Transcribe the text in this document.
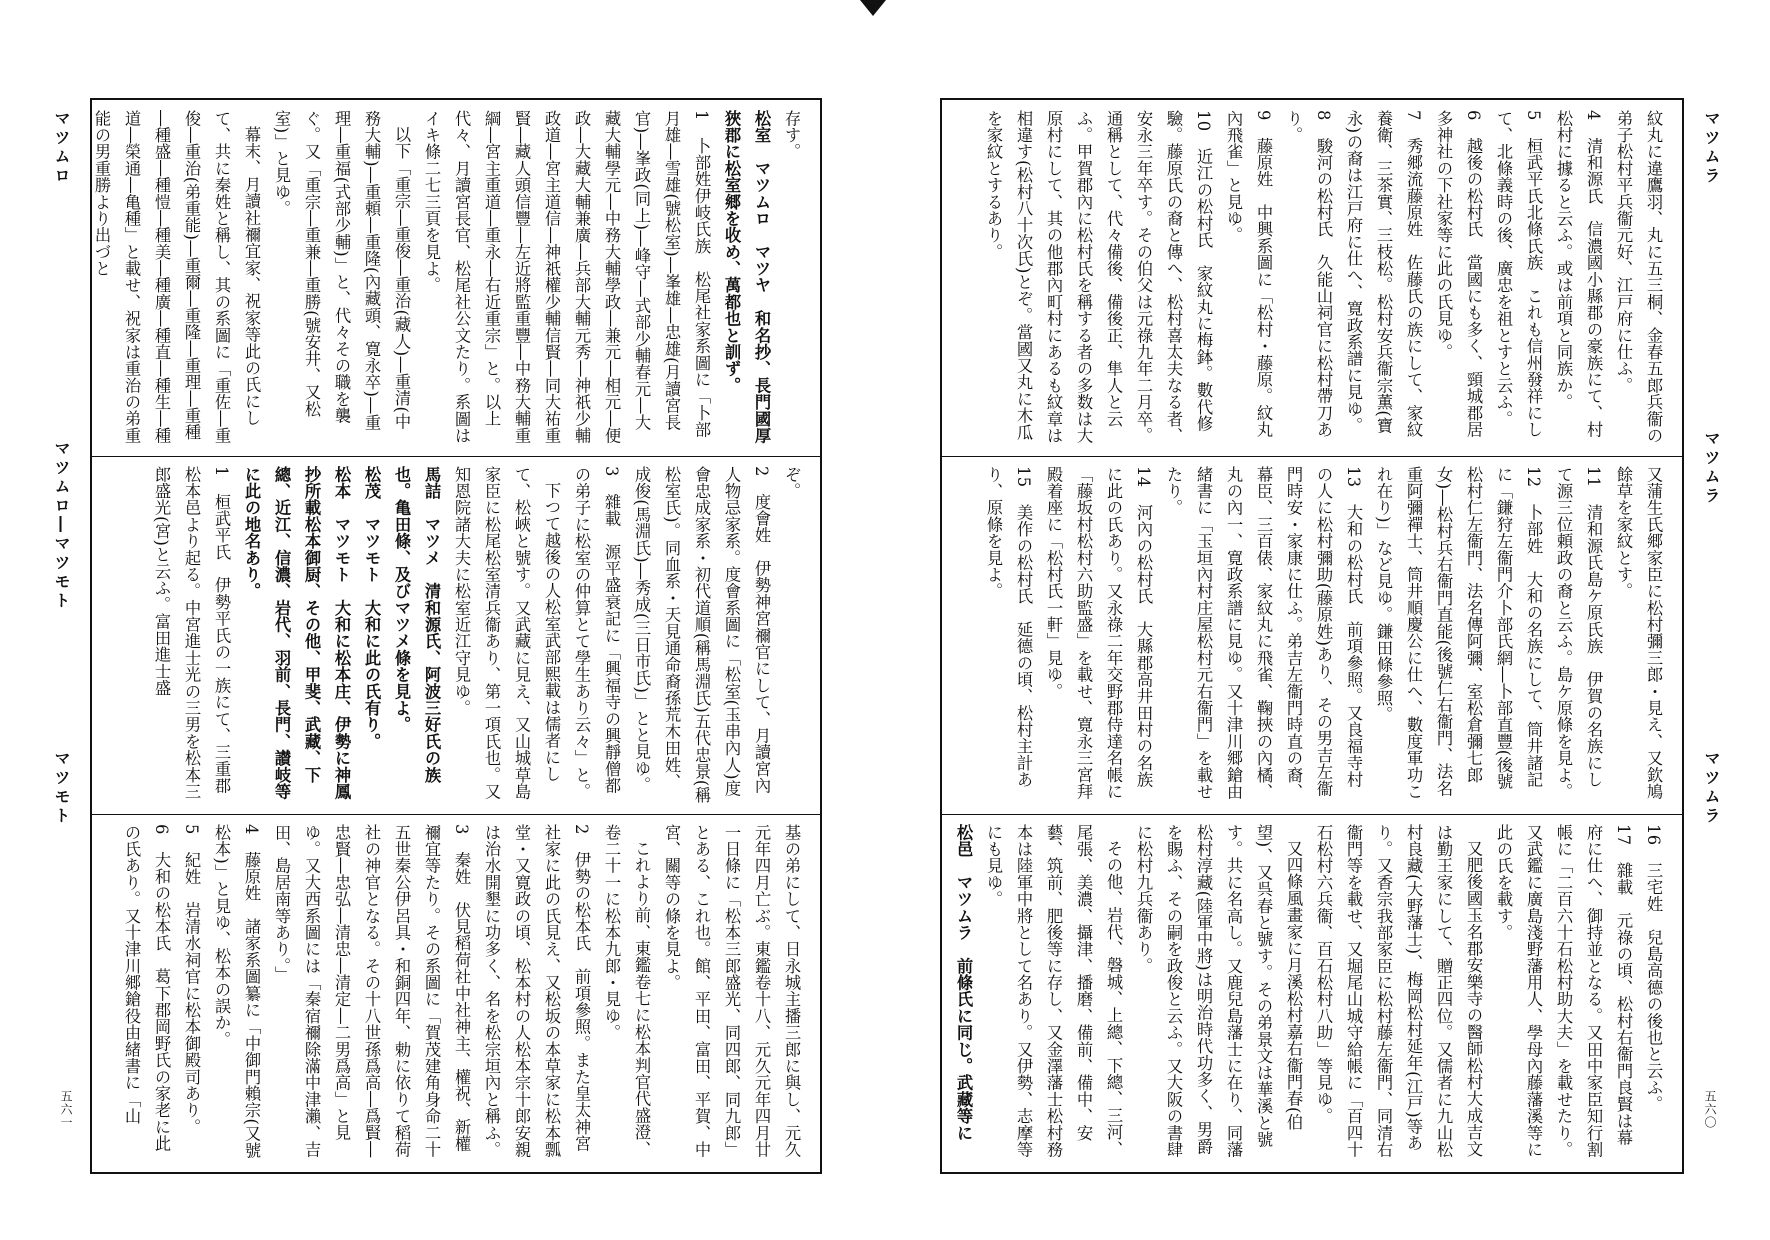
マツムロ
マツムロ―マツモト
マツモト
五六一

存す。

松室　マツムロ　マツヤ　和名抄、長門國厚狹郡に松室郷を收め、萬都也と訓ず。

1　卜部姓伊岐氏族　松尾社家系圖に「卜部月雄―雪雄(號松室)―峯雄―忠雄(月讀宮長官)―峯政(同上)―峰守―式部少輔春元―大藏大輔學元―中務大輔學政―兼元―相元―便政―大藏大輔兼廣―兵部大輔元秀―神祇少輔政道―宮主道信―神祇權少輔信賢―同大祐重賢―藏人頭信豐―左近將監重豐―中務大輔重綱―宮主重道―重永―右近重宗」と。以上代々、月讀宮長官、松尾社公文たり。系圖はイキ條二七三頁を見よ。

以下「重宗―重俊―重治(藏人)―重清(中務大輔)―重頼―重隆(內藏頭、寛永卒)―重理―重福(式部少輔)」と、代々その職を襲ぐ。又「重宗―重兼―重勝(號安井、又松室)」と見ゆ。

幕末、月讀社禰宜家、祝家等此の氏にして、共に秦姓と稱し、其の系圖に「重佐―重俊―重治(弟重能)―重爾―重隆―重理―重種―種盛―種愷―種美―種廣―種直―種生―種道―榮通―亀種」と載せ、祝家は重治の弟重能の男重勝より出づと

ぞ。

2　度會姓　伊勢神宮禰官にして、月讀宮內人物忌家系。度會系圖に「松室(玉串內人)度會忠成家系・初代道順(稱馬淵氏)五代忠景(稱松室氏)。同血系・天見通命裔孫荒木田姓、成俊(馬淵氏)―秀成(三日市氏)」とと見ゆ。

3　雜載　源平盛衰記に「興福寺の興靜僧都の弟子に松室の仲算とて學生あり云々」と。

下つて越後の人松室武部熙載は儒者にして、松峽と號す。又武藏に見え、又山城草島家臣に松尾松室清兵衞あり、第一項氏也。又知恩院諸大夫に松室近江守見ゆ。

馬詰　マツメ　清和源氏、阿波三好氏の族也。亀田條、及びマツメ條を見よ。

松茂　マツモト　大和に此の氏有り。

松本　マツモト　大和に松本庄、伊勢に神鳳抄所載松本御厨、その他、甲斐、武藏、下總、近江、信濃、岩代、羽前、長門、讃岐等に此の地名あり。

1　桓武平氏　伊勢平氏の一族にて、三重郡松本邑より起る。中宮進士光の三男を松本三郎盛光(宮)と云ふ。富田進士盛

基の弟にして、日永城主播三郎に與し、元久元年四月亡ぶ。東鑑卷十八、元久元年四月廿一日條に「松本三郎盛光、同四郎、同九郎」とある、これ也。館、平田、富田、平賀、中宮、關等の條を見よ。

これより前、東鑑卷七に松本判官代盛澄、卷二十一に松本九郎・見ゆ。

2　伊勢の松本氏　前項參照。また皇太神宮社家に此の氏見え、又松坂の本草家に松本瓢堂・又寛政の頃、松本村の人松本宗十郎安親は治水開墾に功多く、名を松宗垣內と稱ふ。

3　秦姓　伏見稻荷社中社神主、權祝、新權禰宜等たり。その系圖に「賀茂建角身命二十五世秦公伊呂具・和銅四年、勅に依りて稻荷社の神官となる。その十八世孫爲高―爲賢―忠賢―忠弘―清忠―清定―二男爲高」と見ゆ。又大西系圖には「秦宿禰除滿中津瀨、吉田、島居南等あり。」

4　藤原姓　諸家系圖纂に「中御門賴宗(又號松本)」と見ゆ、松本の誤か。

5　紀姓　岩清水祠官に松本御殿司あり。

6　大和の松本氏　葛下郡岡野氏の家老に此の氏あり。又十津川郷鎗役由緒書に「山

マツムラ
マツムラ
マツムラ
五六〇

紋丸に違鷹羽、丸に五三桐、金春五郎兵衞の弟子松村平兵衞元好、江戸府に仕ふ。

4　清和源氏　信濃國小縣郡の豪族にて、村松村に據ると云ふ。或は前項と同族か。

5　桓武平氏北條氏族　これも信州發祥にして、北條義時の後、廣忠を祖とすと云ふ。

6　越後の松村氏　當國にも多く、頸城郡居多神社の下社家等に此の氏見ゆ。

7　秀郷流藤原姓　佐藤氏の族にして、家紋養衛、三茶實、三枝松。松村安兵衞宗薫(寶永)の裔は江戸府に仕へ、寛政系譜に見ゆ。

8　駿河の松村氏　久能山祠官に松村帶刀あり。

9　藤原姓　中興系圖に「松村・藤原。紋丸內飛雀」と見ゆ。

10　近江の松村氏　家紋丸に梅鉢。數代修驗。藤原氏の裔と傳へ、松村喜太夫なる者、安永三年卒す。その伯父は元祿九年二月卒。通稱として、代々備後、備後正、隼人と云ふ。甲賀郡內に松村氏を稱する者の多数は大原村にして、其の他郡內町村にあるも紋章は相違す(松村八十次氏)とぞ。當國又丸に木瓜を家紋とするあり。

又蒲生氏郷家臣に松村彌三郎・見え、又欽鳩餘草を家紋とす。

11　清和源氏島ケ原氏族　伊賀の名族にして源三位頼政の裔と云ふ。島ケ原條を見よ。

12　卜部姓　大和の名族にして、筒井諸記に「鎌狩左衞門介卜部氏網―卜部直豐(後號松村仁左衞門、法名傳阿彌、室松倉彌七郎女)―松村兵右衞門直能(後號仁右衞門、法名重阿彌禪士、筒井順慶公に仕へ、數度軍功これ在り)」など見ゆ。鎌田條參照。

13　大和の松村氏　前項參照。又良福寺村の人に松村彌助(藤原姓)あり、その男吉左衞門時安・家康に仕ふ。弟吉左衞門時直の裔、幕臣、三百俵、家紋丸に飛雀、鞠挾の內橘、丸の內一、寛政系譜に見ゆ。又十津川郷鎗由緒書に「玉垣內村庄屋松村元右衞門」を載せたり。

14　河內の松村氏　大縣郡高井田村の名族に此の氏あり。又永祿二年交野郡侍達名帳に「藤坂村松村六助監盛」を載せ、寛永三宮拜殿着座に「松村氏一軒」見ゆ。

15　美作の松村氏　延德の頃、松村主計あり、原條を見よ。

16　三宅姓　兒島高德の後也と云ふ。

17　雜載　元祿の頃、松村右衞門良賢は幕府に仕へ、御持並となる。又田中家臣知行割帳に「二百六十石松村助大夫」を載せたり。又武鑑に廣島淺野藩用人、學母內藤藩溪等に此の氏を載す。

又肥後國玉名郡安樂寺の醫師松村大成吉文は勤王家にして、贈正四位。又儒者に九山松村良藏(大野藩士)、梅岡松村延年(江戸)等あり。又香宗我部家臣に松村藤左衞門、同清右衞門等を載せ、又堀尾山城守給帳に「百四十石松村六兵衞、百石松村八助」等見ゆ。

又四條風畫家に月溪松村嘉右衞門春(伯望)、又呉春と號す。その弟景文は華溪と號す。共に名高し。又鹿兒島藩士に在り、同藩松村淳藏(陸軍中將)は明治時代功多く、男爵を賜ふ、その嗣を政俊と云ふ。又大阪の書肆に松村九兵衞あり。

その他、岩代、磐城、上總、下總、三河、尾張、美濃、攝津、播磨、備前、備中、安藝、筑前、肥後等に存し、又金澤藩士松村務本は陸軍中將として名あり。又伊勢、志摩等にも見ゆ。

松邑　マツムラ　前條氏に同じ。武藏等に
